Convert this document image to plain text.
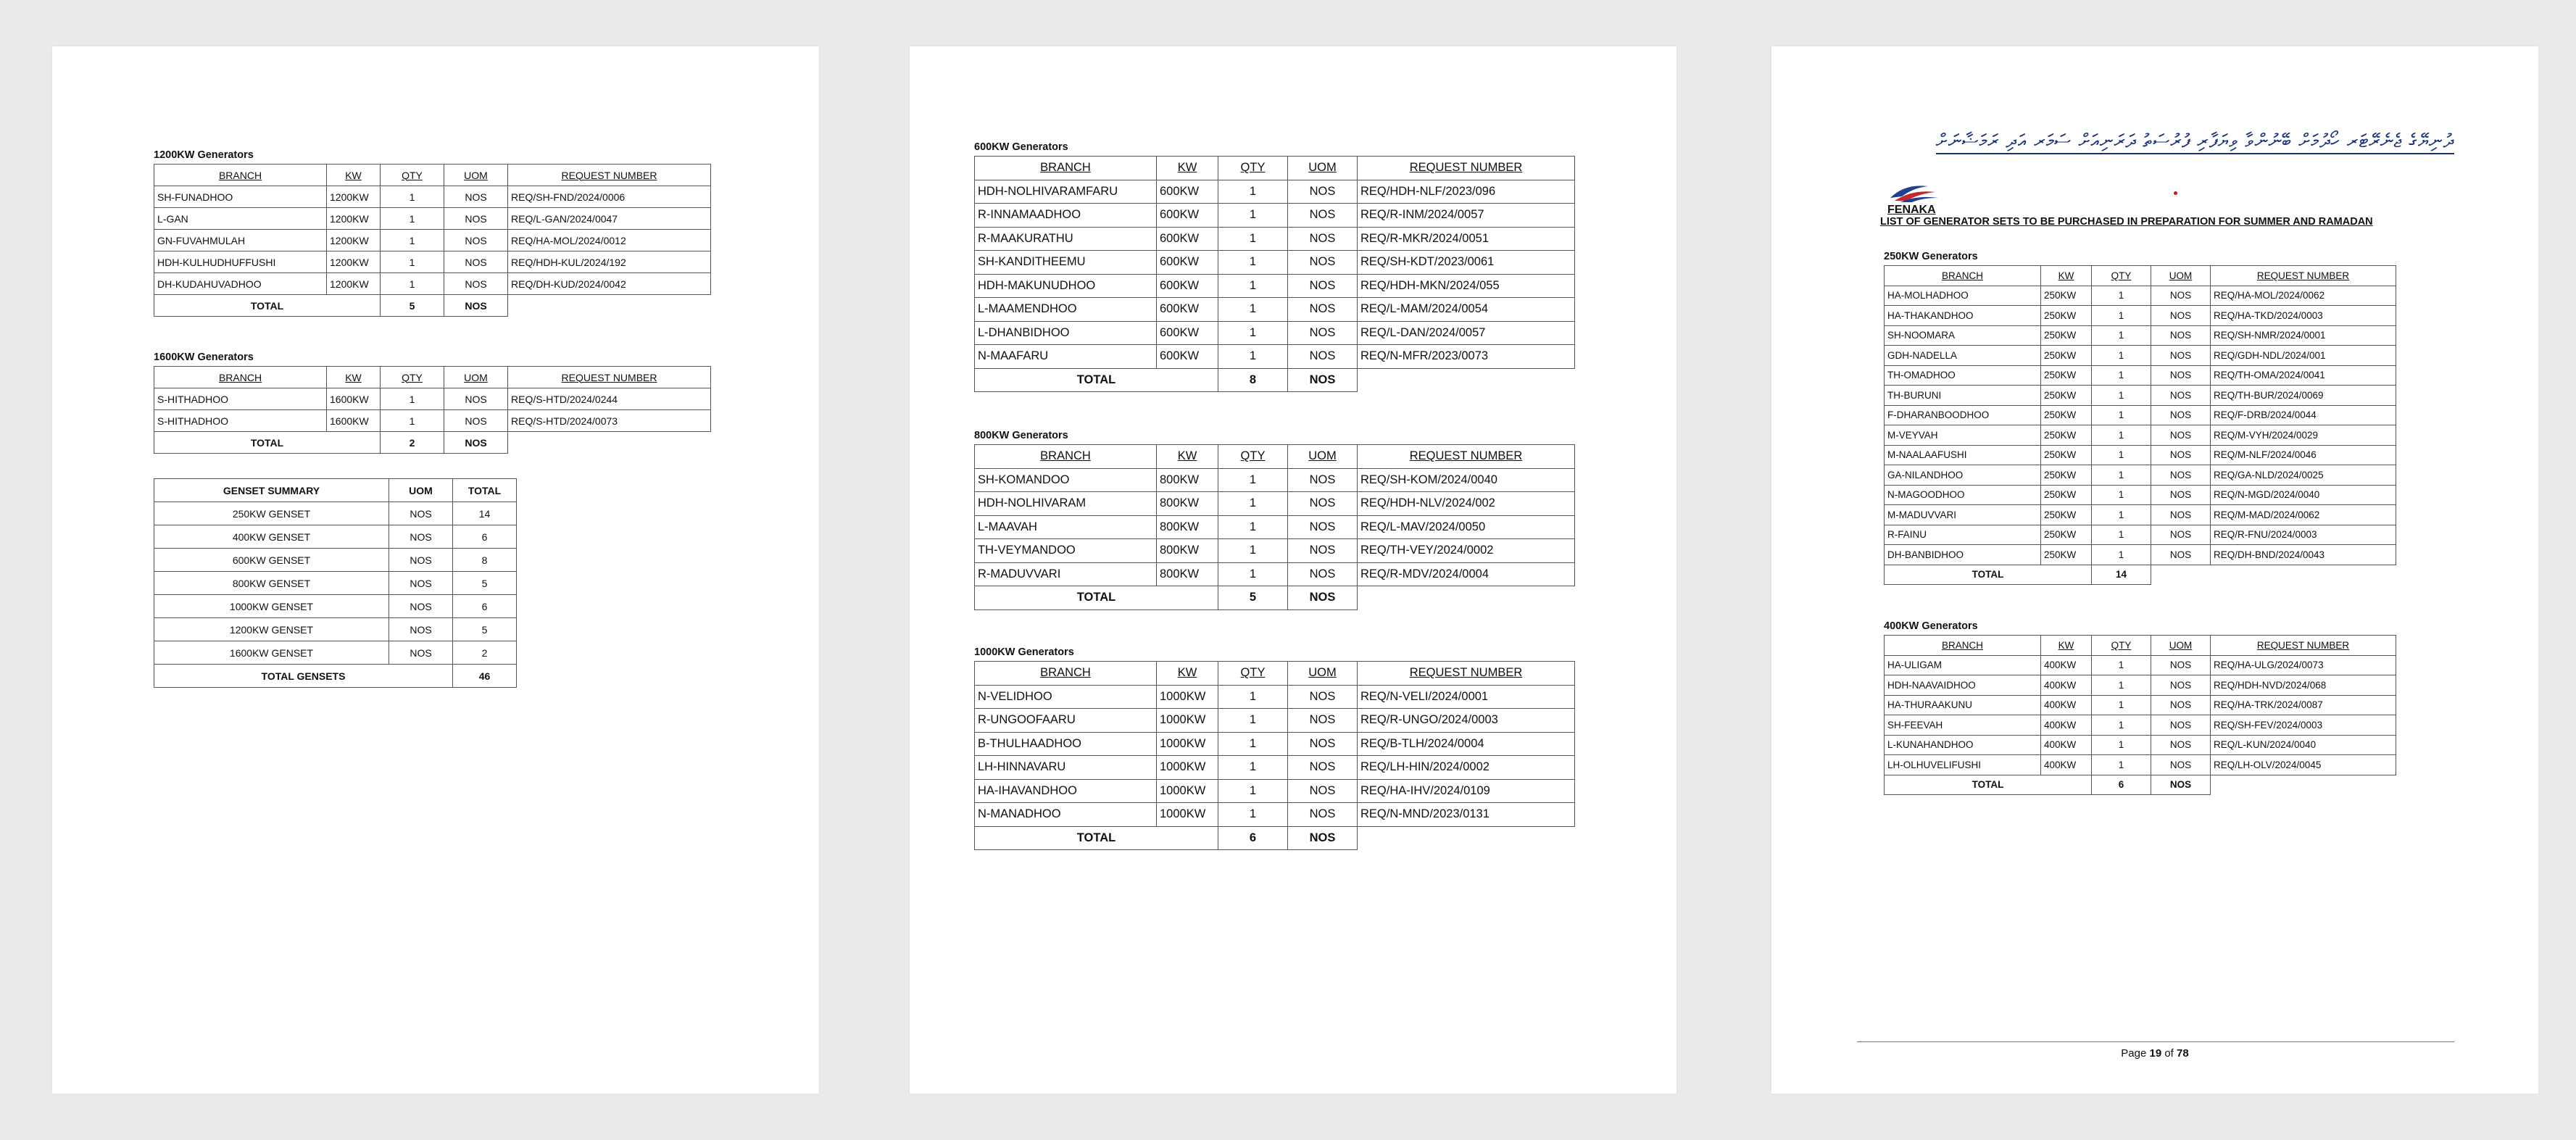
1200KW Generators
BRANCH	KW	QTY	UOM	REQUEST NUMBER
SH-FUNADHOO	1200KW	1	NOS	REQ/SH-FND/2024/0006
L-GAN	1200KW	1	NOS	REQ/L-GAN/2024/0047
GN-FUVAHMULAH	1200KW	1	NOS	REQ/HA-MOL/2024/0012
HDH-KULHUDHUFFUSHI	1200KW	1	NOS	REQ/HDH-KUL/2024/192
DH-KUDAHUVADHOO	1200KW	1	NOS	REQ/DH-KUD/2024/0042
TOTAL		5	NOS	
1600KW Generators
BRANCH	KW	QTY	UOM	REQUEST NUMBER
S-HITHADHOO	1600KW	1	NOS	REQ/S-HTD/2024/0244
S-HITHADHOO	1600KW	1	NOS	REQ/S-HTD/2024/0073
TOTAL		2	NOS	
GENSET SUMMARY	UOM	TOTAL
250KW GENSET	NOS	14
400KW GENSET	NOS	6
600KW GENSET	NOS	8
800KW GENSET	NOS	5
1000KW GENSET	NOS	6
1200KW GENSET	NOS	5
1600KW GENSET	NOS	2
TOTAL GENSETS		46
600KW Generators
BRANCH	KW	QTY	UOM	REQUEST NUMBER
HDH-NOLHIVARAMFARU	600KW	1	NOS	REQ/HDH-NLF/2023/096
R-INNAMAADHOO	600KW	1	NOS	REQ/R-INM/2024/0057
R-MAAKURATHU	600KW	1	NOS	REQ/R-MKR/2024/0051
SH-KANDITHEEMU	600KW	1	NOS	REQ/SH-KDT/2023/0061
HDH-MAKUNUDHOO	600KW	1	NOS	REQ/HDH-MKN/2024/055
L-MAAMENDHOO	600KW	1	NOS	REQ/L-MAM/2024/0054
L-DHANBIDHOO	600KW	1	NOS	REQ/L-DAN/2024/0057
N-MAAFARU	600KW	1	NOS	REQ/N-MFR/2023/0073
TOTAL		8	NOS	
800KW Generators
BRANCH	KW	QTY	UOM	REQUEST NUMBER
SH-KOMANDOO	800KW	1	NOS	REQ/SH-KOM/2024/0040
HDH-NOLHIVARAM	800KW	1	NOS	REQ/HDH-NLV/2024/002
L-MAAVAH	800KW	1	NOS	REQ/L-MAV/2024/0050
TH-VEYMANDOO	800KW	1	NOS	REQ/TH-VEY/2024/0002
R-MADUVVARI	800KW	1	NOS	REQ/R-MDV/2024/0004
TOTAL		5	NOS	
1000KW Generators
BRANCH	KW	QTY	UOM	REQUEST NUMBER
N-VELIDHOO	1000KW	1	NOS	REQ/N-VELI/2024/0001
R-UNGOOFAARU	1000KW	1	NOS	REQ/R-UNGO/2024/0003
B-THULHAADHOO	1000KW	1	NOS	REQ/B-TLH/2024/0004
LH-HINNAVARU	1000KW	1	NOS	REQ/LH-HIN/2024/0002
HA-IHAVANDHOO	1000KW	1	NOS	REQ/HA-IHV/2024/0109
N-MANADHOO	1000KW	1	NOS	REQ/N-MND/2023/0131
TOTAL		6	NOS	
ދުނިޔޭގެ ޖެނެރޭޓަރ ހޯދުމަށް ބޭނުންވާ ވިޔަފާރި ފުރުސަތު ދަރަނިއަށް ސަމަރ އަދި ރަމަޟާނަށް
FENAKA
LIST OF GENERATOR SETS TO BE PURCHASED IN PREPARATION FOR SUMMER AND RAMADAN
250KW Generators
BRANCH	KW	QTY	UOM	REQUEST NUMBER
HA-MOLHADHOO	250KW	1	NOS	REQ/HA-MOL/2024/0062
HA-THAKANDHOO	250KW	1	NOS	REQ/HA-TKD/2024/0003
SH-NOOMARA	250KW	1	NOS	REQ/SH-NMR/2024/0001
GDH-NADELLA	250KW	1	NOS	REQ/GDH-NDL/2024/001
TH-OMADHOO	250KW	1	NOS	REQ/TH-OMA/2024/0041
TH-BURUNI	250KW	1	NOS	REQ/TH-BUR/2024/0069
F-DHARANBOODHOO	250KW	1	NOS	REQ/F-DRB/2024/0044
M-VEYVAH	250KW	1	NOS	REQ/M-VYH/2024/0029
M-NAALAAFUSHI	250KW	1	NOS	REQ/M-NLF/2024/0046
GA-NILANDHOO	250KW	1	NOS	REQ/GA-NLD/2024/0025
N-MAGOODHOO	250KW	1	NOS	REQ/N-MGD/2024/0040
M-MADUVVARI	250KW	1	NOS	REQ/M-MAD/2024/0062
R-FAINU	250KW	1	NOS	REQ/R-FNU/2024/0003
DH-BANBIDHOO	250KW	1	NOS	REQ/DH-BND/2024/0043
TOTAL		14		
400KW Generators
BRANCH	KW	QTY	UOM	REQUEST NUMBER
HA-ULIGAM	400KW	1	NOS	REQ/HA-ULG/2024/0073
HDH-NAAVAIDHOO	400KW	1	NOS	REQ/HDH-NVD/2024/068
HA-THURAAKUNU	400KW	1	NOS	REQ/HA-TRK/2024/0087
SH-FEEVAH	400KW	1	NOS	REQ/SH-FEV/2024/0003
L-KUNAHANDHOO	400KW	1	NOS	REQ/L-KUN/2024/0040
LH-OLHUVELIFUSHI	400KW	1	NOS	REQ/LH-OLV/2024/0045
TOTAL		6	NOS	
Page 19 of 78
